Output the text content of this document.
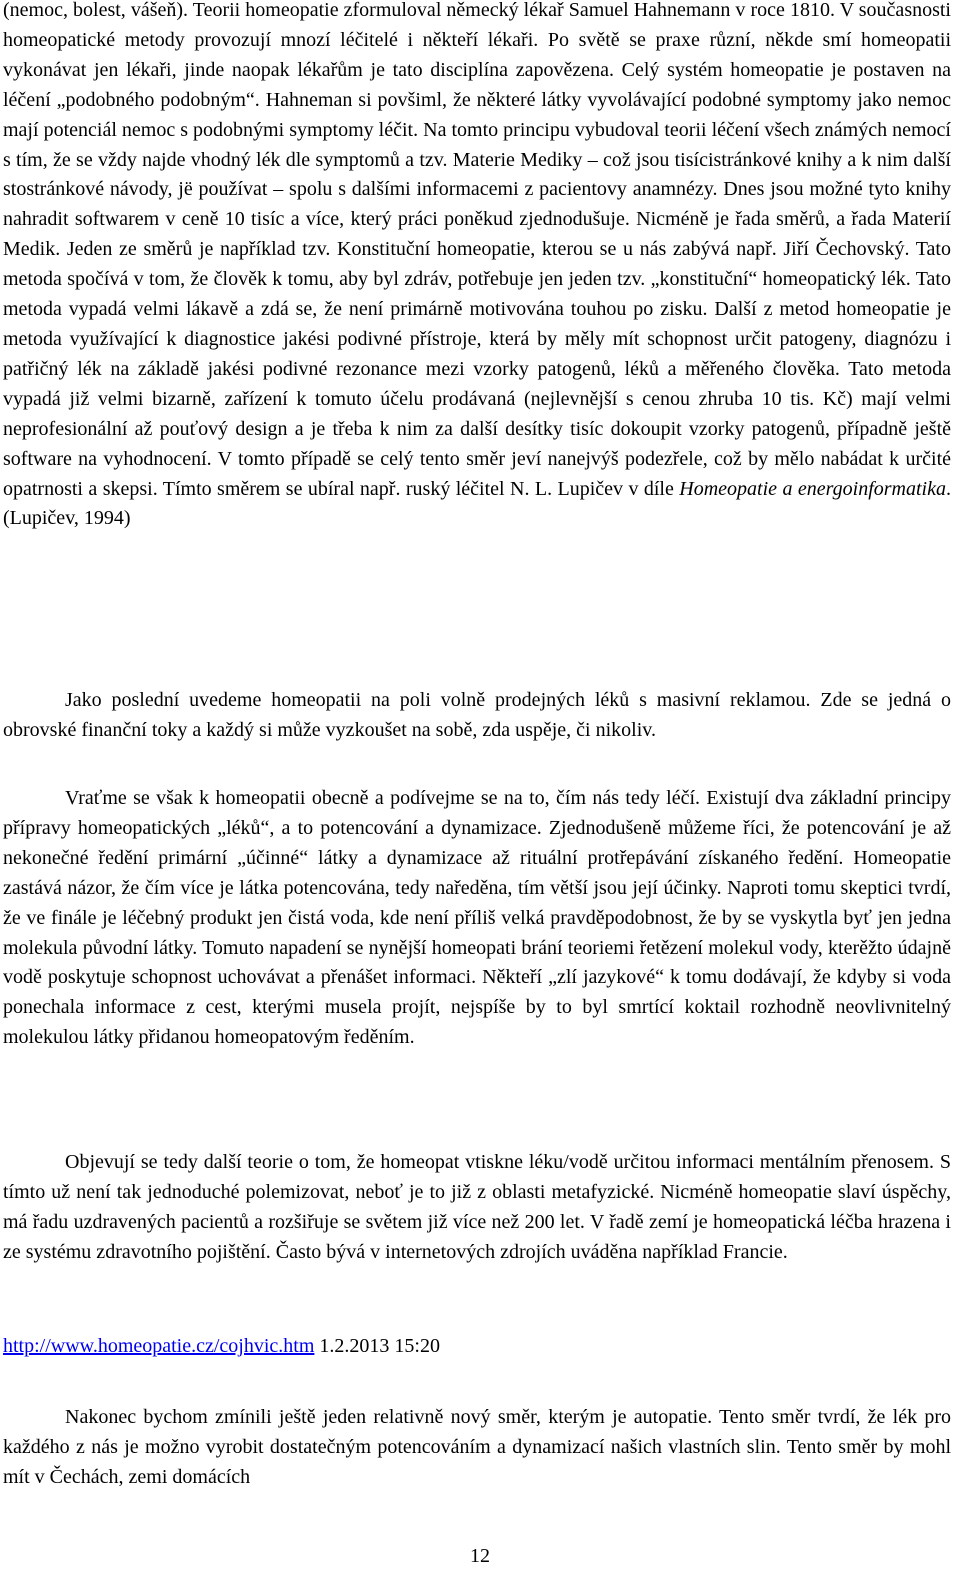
(nemoc, bolest, vášeň). Teorii homeopatie zformuloval německý lékař Samuel Hahnemann v roce 1810. V současnosti homeopatické metody provozují mnozí léčitelé i někteří lékaři. Po světě se praxe různí, někde smí homeopatii vykonávat jen lékaři, jinde naopak lékařům je tato disciplína zapovězena. Celý systém homeopatie je postaven na léčení „podobného podobným“. Hahneman si povšiml, že některé látky vyvolávající podobné symptomy jako nemoc mají potenciál nemoc s podobnými symptomy léčit. Na tomto principu vybudoval teorii léčení všech známých nemocí s tím, že se vždy najde vhodný lék dle symptomů a tzv. Materie Mediky – což jsou tisícistránkové knihy a k nim další stostránkové návody, jë používat – spolu s dalšími informacemi z pacientovy anamnézy. Dnes jsou možné tyto knihy nahradit softwarem v ceně 10 tisíc a více, který práci poněkud zjednodušuje. Nicméně je řada směrů, a řada Materií Medik. Jeden ze směrů je například tzv. Konstituční homeopatie, kterou se u nás zabývá např. Jiří Čechovský. Tato metoda spočívá v tom, že člověk k tomu, aby byl zdráv, potřebuje jen jeden tzv. „konstituční“ homeopatický lék. Tato metoda vypadá velmi lákavě a zdá se, že není primárně motivována touhou po zisku. Další z metod homeopatie je metoda využívající k diagnostice jakési podivné přístroje, která by měly mít schopnost určit patogeny, diagnózu i patřičný lék na základě jakési podivné rezonance mezi vzorky patogenů, léků a měřeného člověka. Tato metoda vypadá již velmi bizarně, zařízení k tomuto účelu prodávaná (nejlevnější s cenou zhruba 10 tis. Kč) mají velmi neprofesionální až pouťový design a je třeba k nim za další desítky tisíc dokoupit vzorky patogenů, případně ještě software na vyhodnocení. V tomto případě se celý tento směr jeví nanejvýš podezřele, což by mělo nabádat k určité opatrnosti a skepsi. Tímto směrem se ubíral např. ruský léčitel N. L. Lupičev v díle Homeopatie a energoinformatika. (Lupičev, 1994)

Jako poslední uvedeme homeopatii na poli volně prodejných léků s masivní reklamou. Zde se jedná o obrovské finanční toky a každý si může vyzkoušet na sobě, zda uspěje, či nikoliv.

Vraťme se však k homeopatii obecně a podívejme se na to, čím nás tedy léčí. Existují dva základní principy přípravy homeopatických „léků“, a to potencování a dynamizace. Zjednodušeně můžeme říci, že potencování je až nekonečné ředění primární „účinné“ látky a dynamizace až rituální protřepávání získaného ředění. Homeopatie zastává názor, že čím více je látka potencována, tedy naředěna, tím větší jsou její účinky. Naproti tomu skeptici tvrdí, že ve finále je léčebný produkt jen čistá voda, kde není příliš velká pravděpodobnost, že by se vyskytla byť jen jedna molekula původní látky. Tomuto napadení se nynější homeopati brání teoriemi řetězení molekul vody, kterěžto údajně vodě poskytuje schopnost uchovávat a přenášet informaci. Někteří „zlí jazykové“ k tomu dodávají, že kdyby si voda ponechala informace z cest, kterými musela projít, nejspíše by to byl smrtící koktail rozhodně neovlivnitelný molekulou látky přidanou homeopatovým ředěním.

Objevují se tedy další teorie o tom, že homeopat vtiskne léku/vodě určitou informaci mentálním přenosem. S tímto už není tak jednoduché polemizovat, neboť je to již z oblasti metafyzické. Nicméně homeopatie slaví úspěchy, má řadu uzdravených pacientů a rozšiřuje se světem již více než 200 let. V řadě zemí je homeopatická léčba hrazena i ze systému zdravotního pojištění. Často bývá v internetových zdrojích uváděna například Francie.

http://www.homeopatie.cz/cojhvic.htm 1.2.2013 15:20

Nakonec bychom zmínili ještě jeden relativně nový směr, kterým je autopatie. Tento směr tvrdí, že lék pro každého z nás je možno vyrobit dostatečným potencováním a dynamizací našich vlastních slin. Tento směr by mohl mít v Čechách, zemi domácích

12
